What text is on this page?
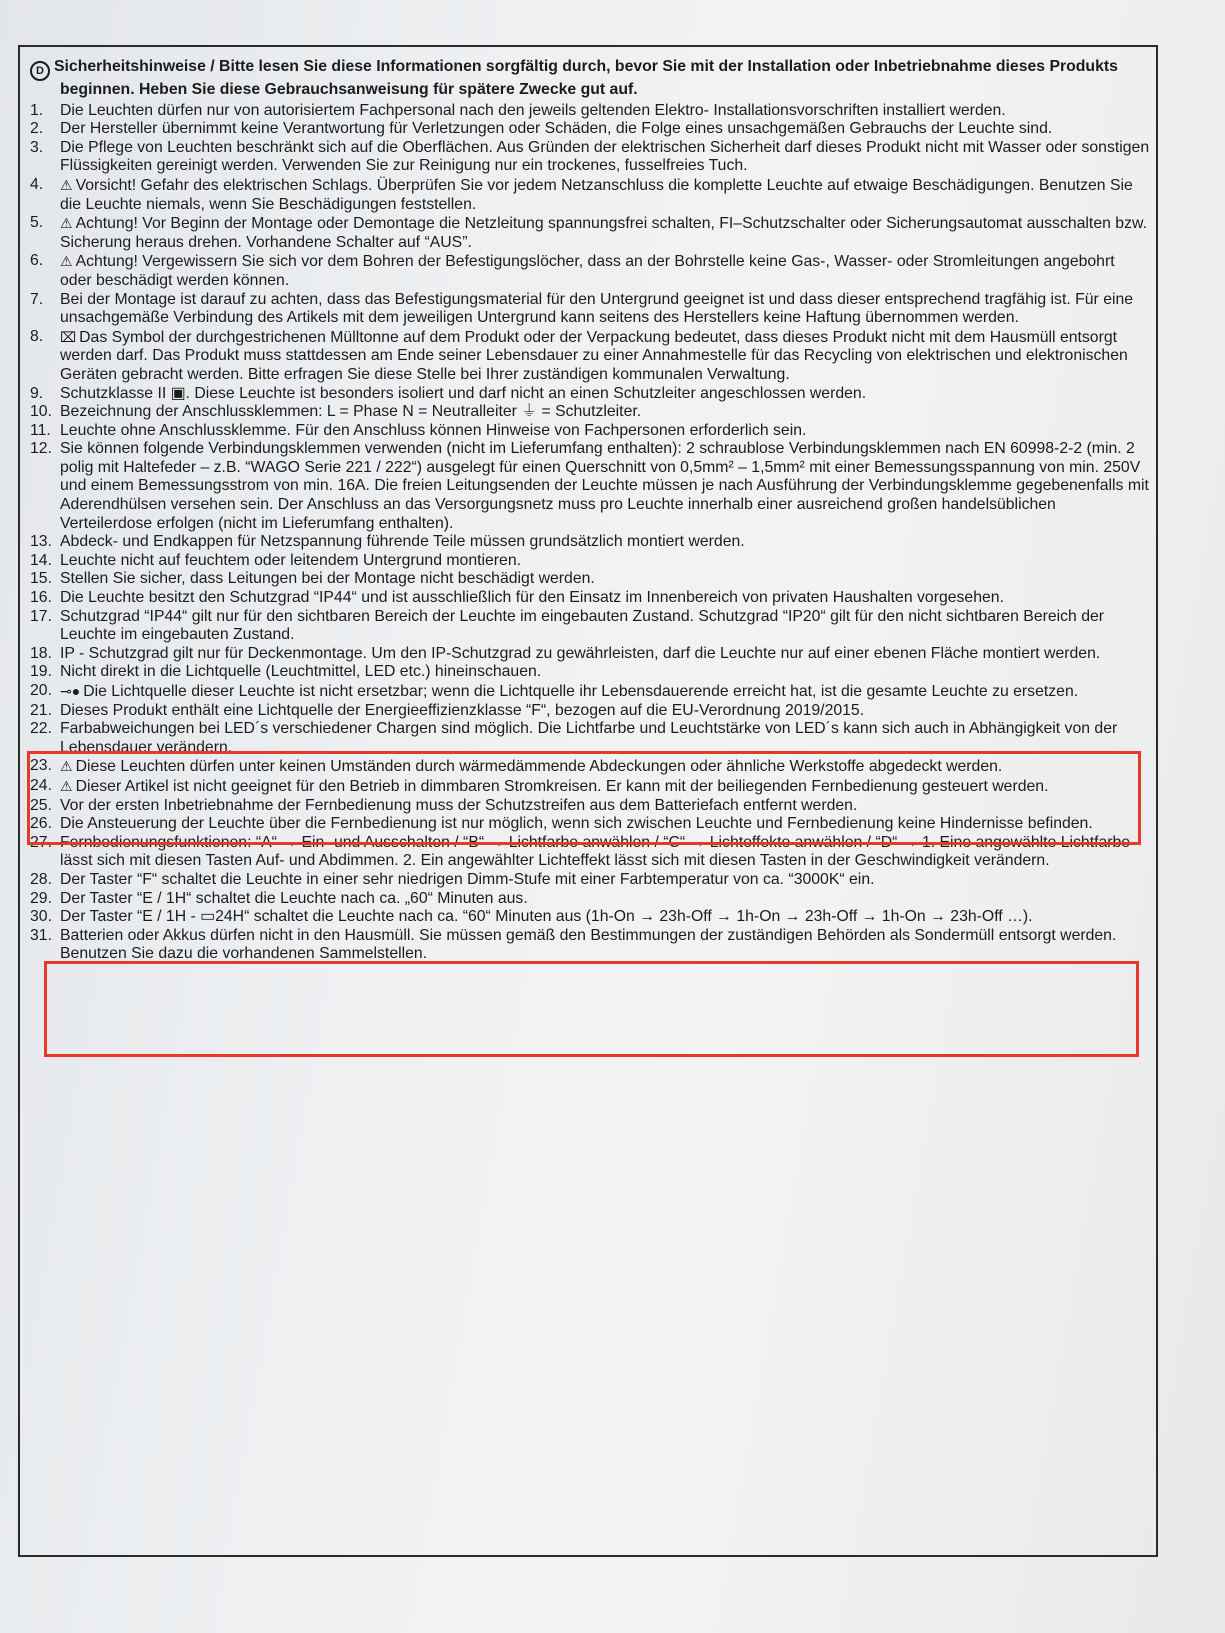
D Sicherheitshinweise / Bitte lesen Sie diese Informationen sorgfältig durch, bevor Sie mit der Installation oder Inbetriebnahme dieses Produkts beginnen. Heben Sie diese Gebrauchsanweisung für spätere Zwecke gut auf.
1.	Die Leuchten dürfen nur von autorisiertem Fachpersonal nach den jeweils geltenden Elektro- Installationsvorschriften installiert werden.
2.	Der Hersteller übernimmt keine Verantwortung für Verletzungen oder Schäden, die Folge eines unsachgemäßen Gebrauchs der Leuchte sind.
3.	Die Pflege von Leuchten beschränkt sich auf die Oberflächen. Aus Gründen der elektrischen Sicherheit darf dieses Produkt nicht mit Wasser oder sonstigen Flüssigkeiten gereinigt werden. Verwenden Sie zur Reinigung nur ein trockenes, fusselfreies Tuch.
4.	⚠ Vorsicht! Gefahr des elektrischen Schlags. Überprüfen Sie vor jedem Netzanschluss die komplette Leuchte auf etwaige Beschädigungen. Benutzen Sie die Leuchte niemals, wenn Sie Beschädigungen feststellen.
5.	⚠ Achtung! Vor Beginn der Montage oder Demontage die Netzleitung spannungsfrei schalten, FI–Schutzschalter oder Sicherungsautomat ausschalten bzw. Sicherung heraus drehen. Vorhandene Schalter auf “AUS”.
6.	⚠ Achtung! Vergewissern Sie sich vor dem Bohren der Befestigungslöcher, dass an der Bohrstelle keine Gas-, Wasser- oder Stromleitungen angebohrt oder beschädigt werden können.
7.	Bei der Montage ist darauf zu achten, dass das Befestigungsmaterial für den Untergrund geeignet ist und dass dieser entsprechend tragfähig ist. Für eine unsachgemäße Verbindung des Artikels mit dem jeweiligen Untergrund kann seitens des Herstellers keine Haftung übernommen werden.
8.	⌧ Das Symbol der durchgestrichenen Mülltonne auf dem Produkt oder der Verpackung bedeutet, dass dieses Produkt nicht mit dem Hausmüll entsorgt werden darf. Das Produkt muss stattdessen am Ende seiner Lebensdauer zu einer Annahmestelle für das Recycling von elektrischen und elektronischen Geräten gebracht werden. Bitte erfragen Sie diese Stelle bei Ihrer zuständigen kommunalen Verwaltung.
9.	Schutzklasse II ▣. Diese Leuchte ist besonders isoliert und darf nicht an einen Schutzleiter angeschlossen werden.
10. Bezeichnung der Anschlussklemmen: L = Phase N = Neutralleiter ⏚ = Schutzleiter.
11. Leuchte ohne Anschlussklemme. Für den Anschluss können Hinweise von Fachpersonen erforderlich sein.
12. Sie können folgende Verbindungsklemmen verwenden (nicht im Lieferumfang enthalten): 2 schraublose Verbindungsklemmen nach EN 60998-2-2 (min. 2 polig mit Haltefeder – z.B. “WAGO Serie 221 / 222“) ausgelegt für einen Querschnitt von 0,5mm² – 1,5mm² mit einer Bemessungsspannung von min. 250V und einem Bemessungsstrom von min. 16A. Die freien Leitungsenden der Leuchte müssen je nach Ausführung der Verbindungsklemme gegebenenfalls mit Aderendhülsen versehen sein. Der Anschluss an das Versorgungsnetz muss pro Leuchte innerhalb einer ausreichend großen handelsüblichen Verteilerdose erfolgen (nicht im Lieferumfang enthalten).
13. Abdeck- und Endkappen für Netzspannung führende Teile müssen grundsätzlich montiert werden.
14. Leuchte nicht auf feuchtem oder leitendem Untergrund montieren.
15. Stellen Sie sicher, dass Leitungen bei der Montage nicht beschädigt werden.
16. Die Leuchte besitzt den Schutzgrad “IP44“ und ist ausschließlich für den Einsatz im Innenbereich von privaten Haushalten vorgesehen.
17. Schutzgrad “IP44“ gilt nur für den sichtbaren Bereich der Leuchte im eingebauten Zustand. Schutzgrad “IP20“ gilt für den nicht sichtbaren Bereich der Leuchte im eingebauten Zustand.
18. IP - Schutzgrad gilt nur für Deckenmontage. Um den IP-Schutzgrad zu gewährleisten, darf die Leuchte nur auf einer ebenen Fläche montiert werden.
19. Nicht direkt in die Lichtquelle (Leuchtmittel, LED etc.) hineinschauen.
20. ⊸● Die Lichtquelle dieser Leuchte ist nicht ersetzbar; wenn die Lichtquelle ihr Lebensdauerende erreicht hat, ist die gesamte Leuchte zu ersetzen.
21. Dieses Produkt enthält eine Lichtquelle der Energieeffizienzklasse “F“, bezogen auf die EU-Verordnung 2019/2015.
22. Farbabweichungen bei LED´s verschiedener Chargen sind möglich. Die Lichtfarbe und Leuchtstärke von LED´s kann sich auch in Abhängigkeit von der Lebensdauer verändern.
23. ⚠ Diese Leuchten dürfen unter keinen Umständen durch wärmedämmende Abdeckungen oder ähnliche Werkstoffe abgedeckt werden.
24. ⚠ Dieser Artikel ist nicht geeignet für den Betrieb in dimmbaren Stromkreisen. Er kann mit der beiliegenden Fernbedienung gesteuert werden.
25. Vor der ersten Inbetriebnahme der Fernbedienung muss der Schutzstreifen aus dem Batteriefach entfernt werden.
26. Die Ansteuerung der Leuchte über die Fernbedienung ist nur möglich, wenn sich zwischen Leuchte und Fernbedienung keine Hindernisse befinden.
27. Fernbedienungsfunktionen: “A“ → Ein- und Ausschalten / “B“ → Lichtfarbe anwählen / “C“ → Lichteffekte anwählen / “D“ → 1. Eine angewählte Lichtfarbe lässt sich mit diesen Tasten Auf- und Abdimmen. 2. Ein angewählter Lichteffekt lässt sich mit diesen Tasten in der Geschwindigkeit verändern.
28. Der Taster “F“ schaltet die Leuchte in einer sehr niedrigen Dimm-Stufe mit einer Farbtemperatur von ca. “3000K“ ein.
29. Der Taster “E / 1H“ schaltet die Leuchte nach ca. „60“ Minuten aus.
30. Der Taster “E / 1H - ▭24H“ schaltet die Leuchte nach ca. “60“ Minuten aus (1h-On → 23h-Off → 1h-On → 23h-Off → 1h-On → 23h-Off …).
31. Batterien oder Akkus dürfen nicht in den Hausmüll. Sie müssen gemäß den Bestimmungen der zuständigen Behörden als Sondermüll entsorgt werden. Benutzen Sie dazu die vorhandenen Sammelstellen.
